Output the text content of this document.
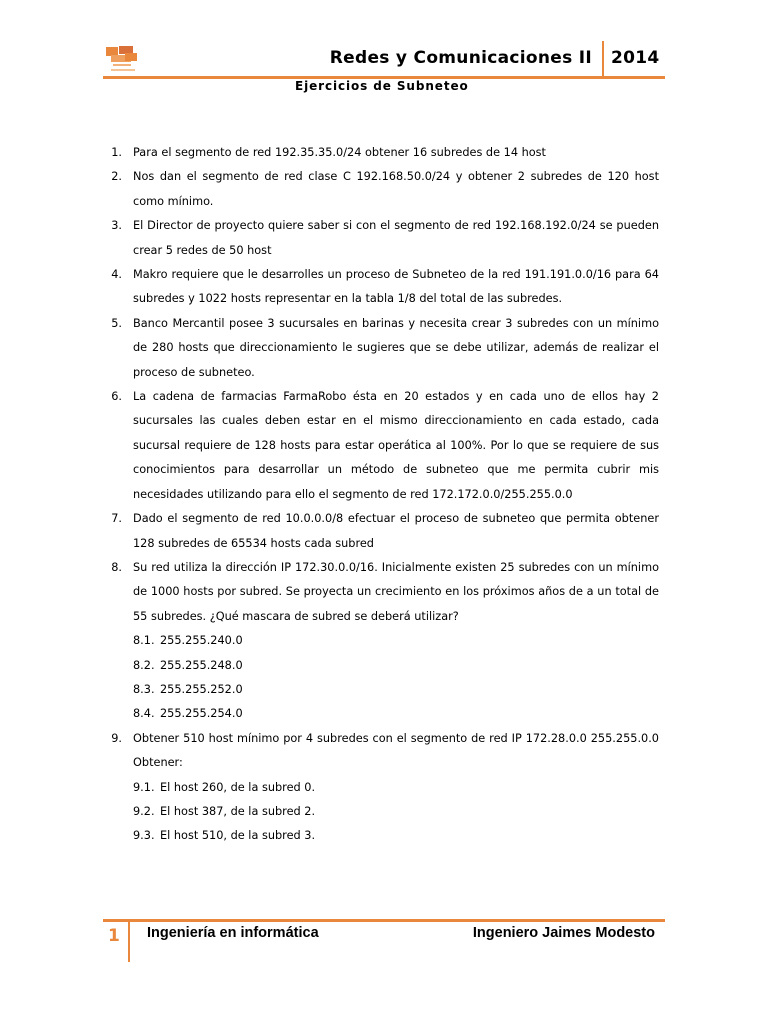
Redes y Comunicaciones II 2014
Ejercicios de Subneteo
1. Para el segmento de red 192.35.35.0/24 obtener 16 subredes de 14 host
2. Nos dan el segmento de red clase C 192.168.50.0/24 y obtener 2 subredes de 120 host como mínimo.
3. El Director de proyecto quiere saber si con el segmento de red 192.168.192.0/24 se pueden crear 5 redes de 50 host
4. Makro requiere que le desarrolles un proceso de Subneteo de la red 191.191.0.0/16 para 64 subredes y 1022 hosts representar en la tabla 1/8 del total de las subredes.
5. Banco Mercantil posee 3 sucursales en barinas y necesita crear 3 subredes con un mínimo de 280 hosts que direccionamiento le sugieres que se debe utilizar, además de realizar el proceso de subneteo.
6. La cadena de farmacias FarmaRobo ésta en 20 estados y en cada uno de ellos hay 2 sucursales las cuales deben estar en el mismo direccionamiento en cada estado, cada sucursal requiere de 128 hosts para estar operática al 100%. Por lo que se requiere de sus conocimientos para desarrollar un método de subneteo que me permita cubrir mis necesidades utilizando para ello el segmento de red 172.172.0.0/255.255.0.0
7. Dado el segmento de red 10.0.0.0/8 efectuar el proceso de subneteo que permita obtener 128 subredes de 65534 hosts cada subred
8. Su red utiliza la dirección IP 172.30.0.0/16. Inicialmente existen 25 subredes con un mínimo de 1000 hosts por subred. Se proyecta un crecimiento en los próximos años de a un total de 55 subredes. ¿Qué mascara de subred se deberá utilizar?
8.1. 255.255.240.0
8.2. 255.255.248.0
8.3. 255.255.252.0
8.4. 255.255.254.0
9. Obtener 510 host mínimo por 4 subredes con el segmento de red IP 172.28.0.0 255.255.0.0 Obtener:
9.1. El host 260, de la subred 0.
9.2. El host 387, de la subred 2.
9.3. El host 510, de la subred 3.
1 Ingeniería en informática	Ingeniero Jaimes Modesto
